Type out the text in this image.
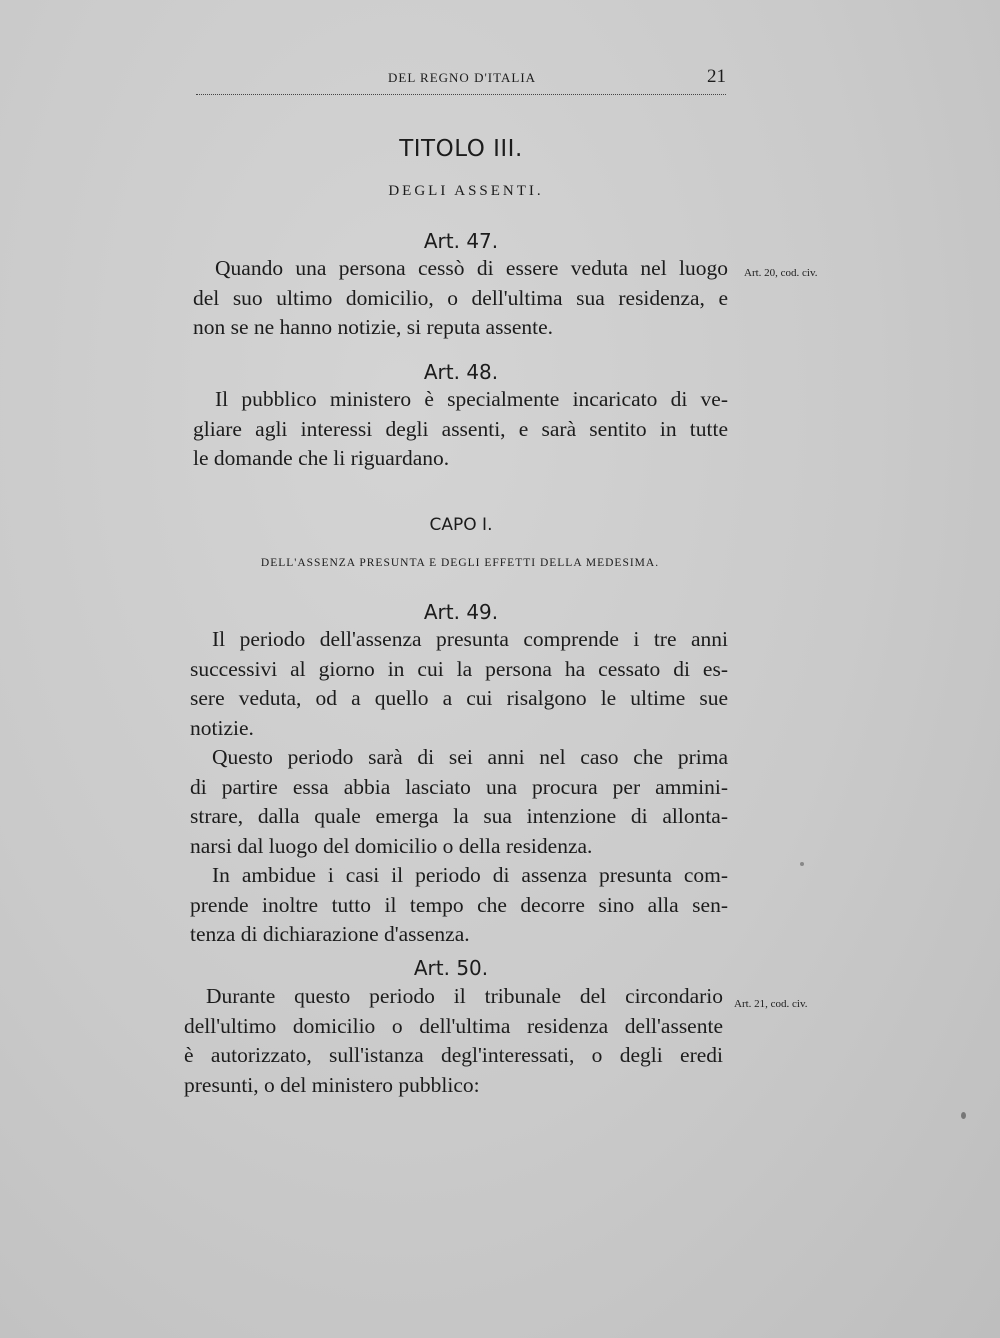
DEL REGNO D'ITALIA	21
TITOLO III.
DEGLI ASSENTI.
Art. 47.
Quando una persona cessò di essere veduta nel luogo
del suo ultimo domicilio, o dell'ultima sua residenza, e
non se ne hanno notizie, si reputa assente.
Art. 20, cod. civ.
Art. 48.
Il pubblico ministero è specialmente incaricato di ve-
gliare agli interessi degli assenti, e sarà sentito in tutte
le domande che li riguardano.
CAPO I.
DELL'ASSENZA PRESUNTA E DEGLI EFFETTI DELLA MEDESIMA.
Art. 49.
Il periodo dell'assenza presunta comprende i tre anni
successivi al giorno in cui la persona ha cessato di es-
sere veduta, od a quello a cui risalgono le ultime sue
notizie.
Questo periodo sarà di sei anni nel caso che prima
di partire essa abbia lasciato una procura per ammini-
strare, dalla quale emerga la sua intenzione di allonta-
narsi dal luogo del domicilio o della residenza.
In ambidue i casi il periodo di assenza presunta com-
prende inoltre tutto il tempo che decorre sino alla sen-
tenza di dichiarazione d'assenza.
Art. 50.
Durante questo periodo il tribunale del circondario
dell'ultimo domicilio o dell'ultima residenza dell'assente
è autorizzato, sull'istanza degl'interessati, o degli eredi
presunti, o del ministero pubblico:
Art. 21, cod. civ.
